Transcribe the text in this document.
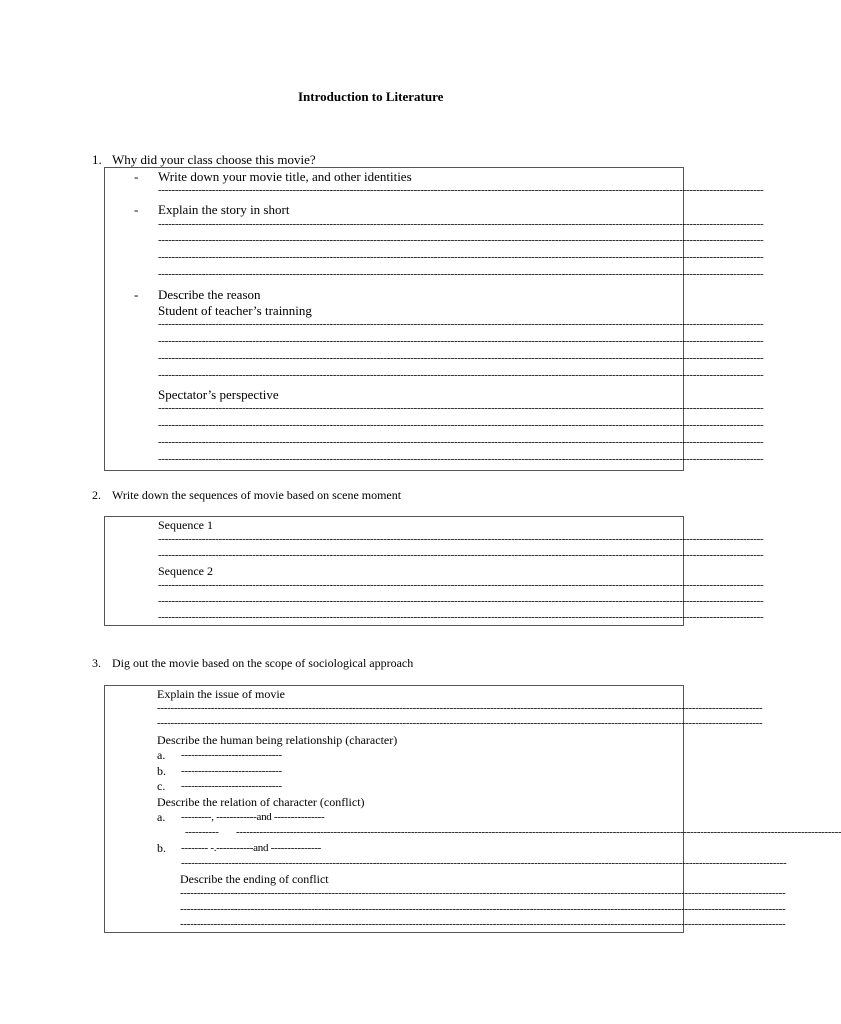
Introduction to Literature
1. Why did your class choose this movie?
- Write down your movie title, and other identities
------------------------------------------------------------------------------------------------------------------------------------------------------------------------------------
- Explain the story in short
------------------------------------------------------------------------------------------------------------------------------------------------------------------------------------
------------------------------------------------------------------------------------------------------------------------------------------------------------------------------------
------------------------------------------------------------------------------------------------------------------------------------------------------------------------------------
------------------------------------------------------------------------------------------------------------------------------------------------------------------------------------
- Describe the reason
Student of teacher’s trainning
------------------------------------------------------------------------------------------------------------------------------------------------------------------------------------
------------------------------------------------------------------------------------------------------------------------------------------------------------------------------------
------------------------------------------------------------------------------------------------------------------------------------------------------------------------------------
------------------------------------------------------------------------------------------------------------------------------------------------------------------------------------
Spectator’s perspective
------------------------------------------------------------------------------------------------------------------------------------------------------------------------------------
------------------------------------------------------------------------------------------------------------------------------------------------------------------------------------
------------------------------------------------------------------------------------------------------------------------------------------------------------------------------------
------------------------------------------------------------------------------------------------------------------------------------------------------------------------------------
2. Write down the sequences of movie based on scene moment
Sequence 1
------------------------------------------------------------------------------------------------------------------------------------------------------------------------------------
------------------------------------------------------------------------------------------------------------------------------------------------------------------------------------
Sequence 2
------------------------------------------------------------------------------------------------------------------------------------------------------------------------------------
------------------------------------------------------------------------------------------------------------------------------------------------------------------------------------
------------------------------------------------------------------------------------------------------------------------------------------------------------------------------------
3. Dig out the movie based on the scope of sociological approach
Explain the issue of movie
------------------------------------------------------------------------------------------------------------------------------------------------------------------------------------
------------------------------------------------------------------------------------------------------------------------------------------------------------------------------------
Describe the human being relationship (character)
a. ------------------------------
b. ------------------------------
c. ------------------------------
Describe the relation of character (conflict)
a. ---------, ------------and ---------------
---------- ------------------------------------------------------------------------------------------------------------------------------------------------------------------------------------
b. -------- -.-----------and ---------------
------------------------------------------------------------------------------------------------------------------------------------------------------------------------------------
Describe the ending of conflict
------------------------------------------------------------------------------------------------------------------------------------------------------------------------------------
------------------------------------------------------------------------------------------------------------------------------------------------------------------------------------
------------------------------------------------------------------------------------------------------------------------------------------------------------------------------------
